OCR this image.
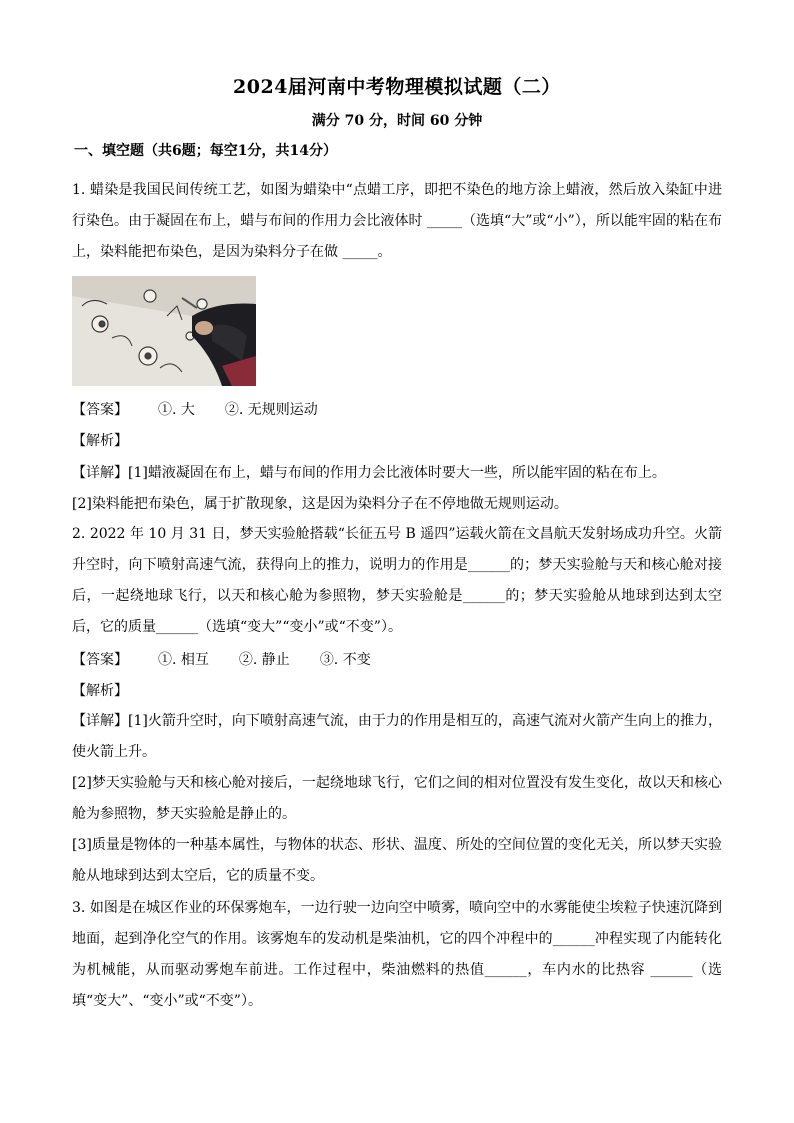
2024届河南中考物理模拟试题（二）
满分 70 分，时间 60 分钟
一、填空题（共6题；每空1分，共14分）
1. 蜡染是我国民间传统工艺，如图为蜡染中“点蜡工序，即把不染色的地方涂上蜡液，然后放入染缸中进行染色。由于凝固在布上，蜡与布间的作用力会比液体时 _____（选填“大”或“小”），所以能牢固的粘在布上，染料能把布染色，是因为染料分子在做 _____。
【答案】 ①. 大 ②. 无规则运动
【解析】
【详解】[1]蜡液凝固在布上，蜡与布间的作用力会比液体时要大一些，所以能牢固的粘在布上。
[2]染料能把布染色，属于扩散现象，这是因为染料分子在不停地做无规则运动。
2. 2022 年 10 月 31 日，梦天实验舱搭载“长征五号 B 遥四”运载火箭在文昌航天发射场成功升空。火箭升空时，向下喷射高速气流，获得向上的推力，说明力的作用是______的；梦天实验舱与天和核心舱对接后，一起绕地球飞行，以天和核心舱为参照物，梦天实验舱是______的；梦天实验舱从地球到达到太空后，它的质量______（选填“变大”“变小”或“不变”）。
【答案】 ①. 相互 ②. 静止 ③. 不变
【解析】
【详解】[1]火箭升空时，向下喷射高速气流，由于力的作用是相互的，高速气流对火箭产生向上的推力，使火箭上升。
[2]梦天实验舱与天和核心舱对接后，一起绕地球飞行，它们之间的相对位置没有发生变化，故以天和核心舱为参照物，梦天实验舱是静止的。
[3]质量是物体的一种基本属性，与物体的状态、形状、温度、所处的空间位置的变化无关，所以梦天实验舱从地球到达到太空后，它的质量不变。
3. 如图是在城区作业的环保雾炮车，一边行驶一边向空中喷雾，喷向空中的水雾能使尘埃粒子快速沉降到地面，起到净化空气的作用。该雾炮车的发动机是柴油机，它的四个冲程中的______冲程实现了内能转化为机械能，从而驱动雾炮车前进。工作过程中，柴油燃料的热值______，车内水的比热容 ______（选填“变大”、“变小”或“不变”）。
